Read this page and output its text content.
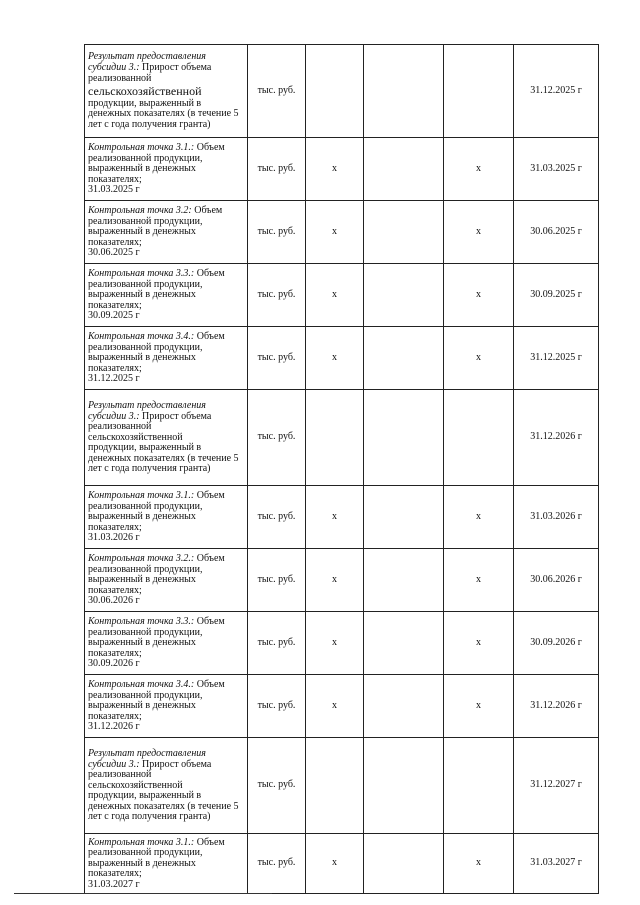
Результат предоставления субсидии 3.: Прирост объема реализованной
сельскохозяйственной
продукции, выраженный в денежных показателях (в течение 5 лет с года получения гранта)	тыс. руб.				31.12.2025 г
Контрольная точка 3.1.: Объем реализованной продукции, выраженный в денежных показателях;
31.03.2025 г	тыс. руб.	x		x	31.03.2025 г
Контрольная точка 3.2: Объем реализованной продукции, выраженный в денежных показателях;
30.06.2025 г	тыс. руб.	x		x	30.06.2025 г
Контрольная точка 3.3.: Объем реализованной продукции, выраженный в денежных показателях;
30.09.2025 г	тыс. руб.	x		x	30.09.2025 г
Контрольная точка 3.4.: Объем реализованной продукции, выраженный в денежных показателях;
31.12.2025 г	тыс. руб.	x		x	31.12.2025 г
Результат предоставления субсидии 3.: Прирост объема реализованной
сельскохозяйственной
продукции, выраженный в денежных показателях (в течение 5 лет с года получения гранта)	тыс. руб.				31.12.2026 г
Контрольная точка 3.1.: Объем реализованной продукции, выраженный в денежных показателях;
31.03.2026 г	тыс. руб.	x		x	31.03.2026 г
Контрольная точка 3.2.: Объем реализованной продукции, выраженный в денежных показателях;
30.06.2026 г	тыс. руб.	x		x	30.06.2026 г
Контрольная точка 3.3.: Объем реализованной продукции, выраженный в денежных показателях;
30.09.2026 г	тыс. руб.	x		x	30.09.2026 г
Контрольная точка 3.4.: Объем реализованной продукции, выраженный в денежных показателях;
31.12.2026 г	тыс. руб.	x		x	31.12.2026 г
Результат предоставления субсидии 3.: Прирост объема реализованной
сельскохозяйственной
продукции, выраженный в денежных показателях (в течение 5 лет с года получения гранта)	тыс. руб.				31.12.2027 г
Контрольная точка 3.1.: Объем реализованной продукции, выраженный в денежных показателях;
31.03.2027 г	тыс. руб.	x		x	31.03.2027 г
